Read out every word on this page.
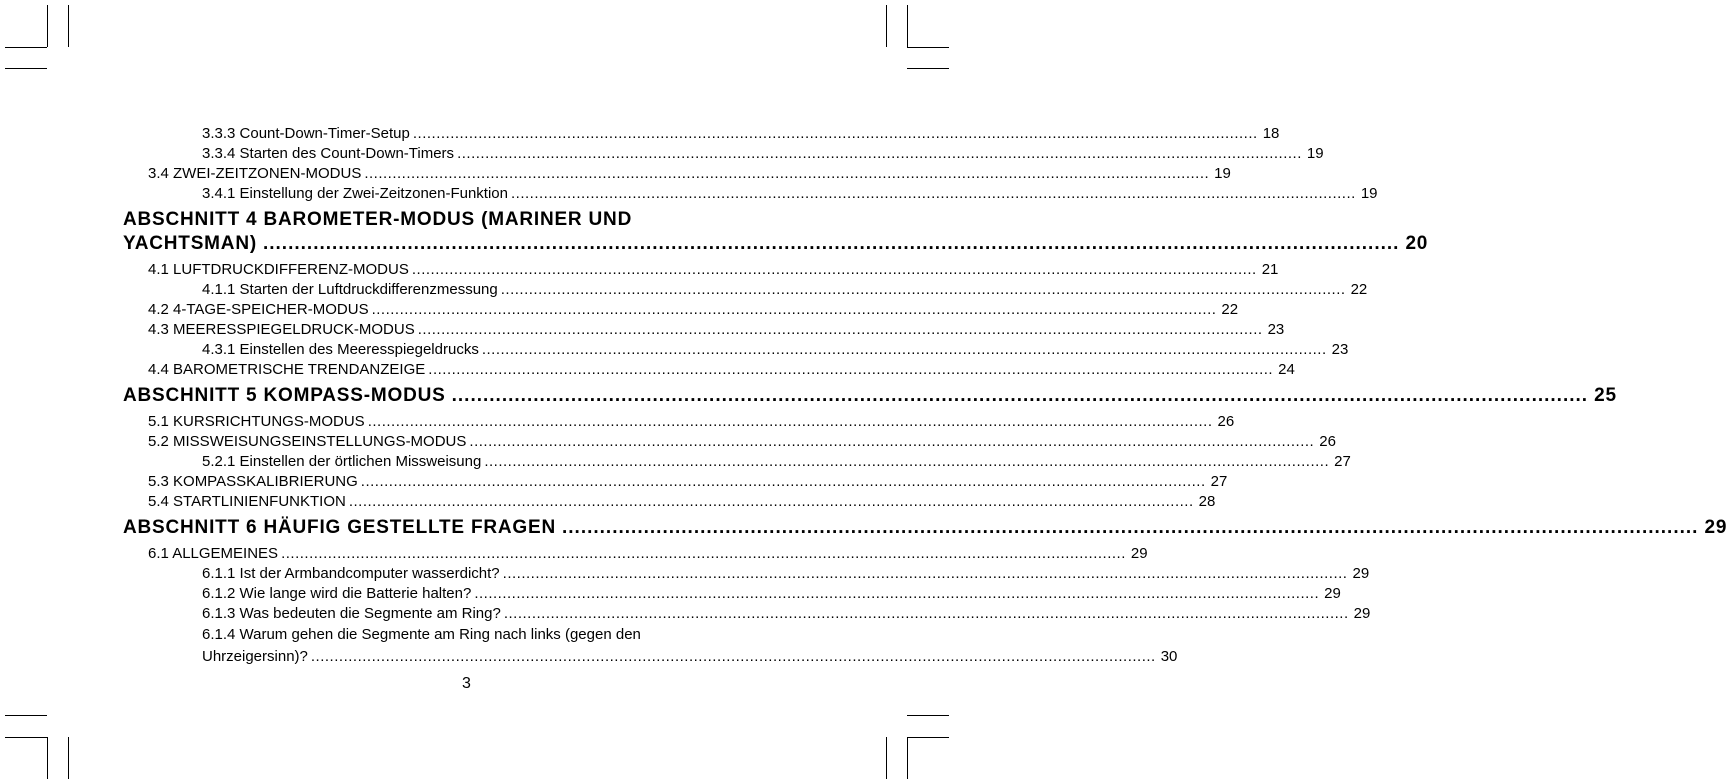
3.3.3 Count-Down-Timer-Setup ..................................................................................................................................................................................... 18
3.3.4 Starten des Count-Down-Timers ..................................................................................................................................................................................... 19
3.4 ZWEI-ZEITZONEN-MODUS ..................................................................................................................................................................................... 19
3.4.1 Einstellung der Zwei-Zeitzonen-Funktion ..................................................................................................................................................................................... 19
ABSCHNITT 4 BAROMETER-MODUS (MARINER UND
YACHTSMAN) ..................................................................................................................................................................................... 20
4.1 LUFTDRUCKDIFFERENZ-MODUS ..................................................................................................................................................................................... 21
4.1.1 Starten der Luftdruckdifferenzmessung ..................................................................................................................................................................................... 22
4.2 4-TAGE-SPEICHER-MODUS ..................................................................................................................................................................................... 22
4.3 MEERESSPIEGELDRUCK-MODUS ..................................................................................................................................................................................... 23
4.3.1 Einstellen des Meeresspiegeldrucks ..................................................................................................................................................................................... 23
4.4 BAROMETRISCHE TRENDANZEIGE ..................................................................................................................................................................................... 24
ABSCHNITT 5 KOMPASS-MODUS ..................................................................................................................................................................................... 25
5.1 KURSRICHTUNGS-MODUS ..................................................................................................................................................................................... 26
5.2 MISSWEISUNGSEINSTELLUNGS-MODUS ..................................................................................................................................................................................... 26
5.2.1 Einstellen der örtlichen Missweisung ..................................................................................................................................................................................... 27
5.3 KOMPASSKALIBRIERUNG ..................................................................................................................................................................................... 27
5.4 STARTLINIENFUNKTION ..................................................................................................................................................................................... 28
ABSCHNITT 6 HÄUFIG GESTELLTE FRAGEN ..................................................................................................................................................................................... 29
6.1 ALLGEMEINES ..................................................................................................................................................................................... 29
6.1.1 Ist der Armbandcomputer wasserdicht? ..................................................................................................................................................................................... 29
6.1.2 Wie lange wird die Batterie halten? ..................................................................................................................................................................................... 29
6.1.3 Was bedeuten die Segmente am Ring? ..................................................................................................................................................................................... 29
6.1.4 Warum gehen die Segmente am Ring nach links (gegen den
Uhrzeigersinn)? ..................................................................................................................................................................................... 30
3
